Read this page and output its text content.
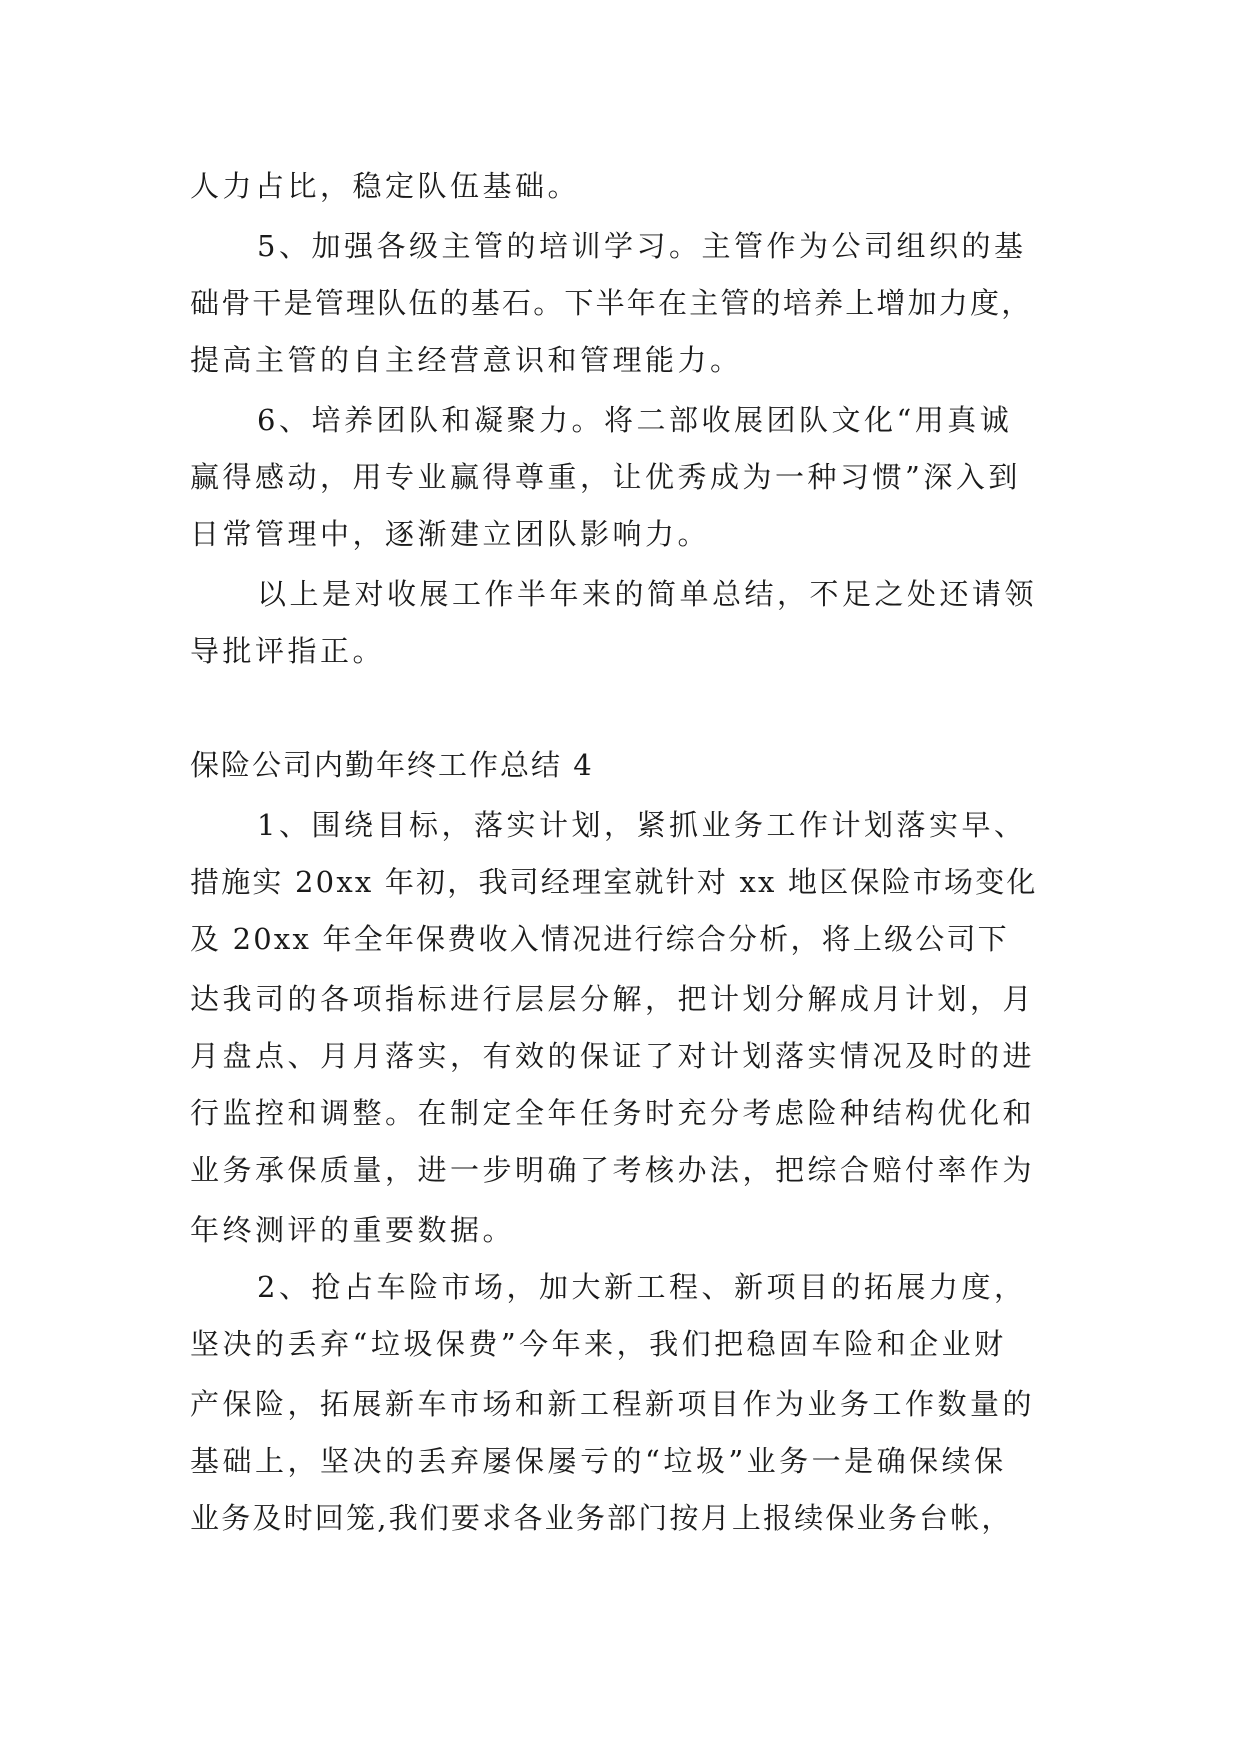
人力占比，稳定队伍基础。
5、加强各级主管的培训学习。主管作为公司组织的基
础骨干是管理队伍的基石。下半年在主管的培养上增加力度，
提高主管的自主经营意识和管理能力。
6、培养团队和凝聚力。将二部收展团队文化“用真诚
赢得感动，用专业赢得尊重，让优秀成为一种习惯”深入到
日常管理中，逐渐建立团队影响力。
以上是对收展工作半年来的简单总结，不足之处还请领
导批评指正。
保险公司内勤年终工作总结 4
1、围绕目标，落实计划，紧抓业务工作计划落实早、
措施实 20xx 年初，我司经理室就针对 xx 地区保险市场变化
及 20xx 年全年保费收入情况进行综合分析，将上级公司下
达我司的各项指标进行层层分解，把计划分解成月计划，月
月盘点、月月落实，有效的保证了对计划落实情况及时的进
行监控和调整。在制定全年任务时充分考虑险种结构优化和
业务承保质量，进一步明确了考核办法，把综合赔付率作为
年终测评的重要数据。
2、抢占车险市场，加大新工程、新项目的拓展力度，
坚决的丢弃“垃圾保费”今年来，我们把稳固车险和企业财
产保险，拓展新车市场和新工程新项目作为业务工作数量的
基础上，坚决的丢弃屡保屡亏的“垃圾”业务一是确保续保
业务及时回笼,我们要求各业务部门按月上报续保业务台帐，
